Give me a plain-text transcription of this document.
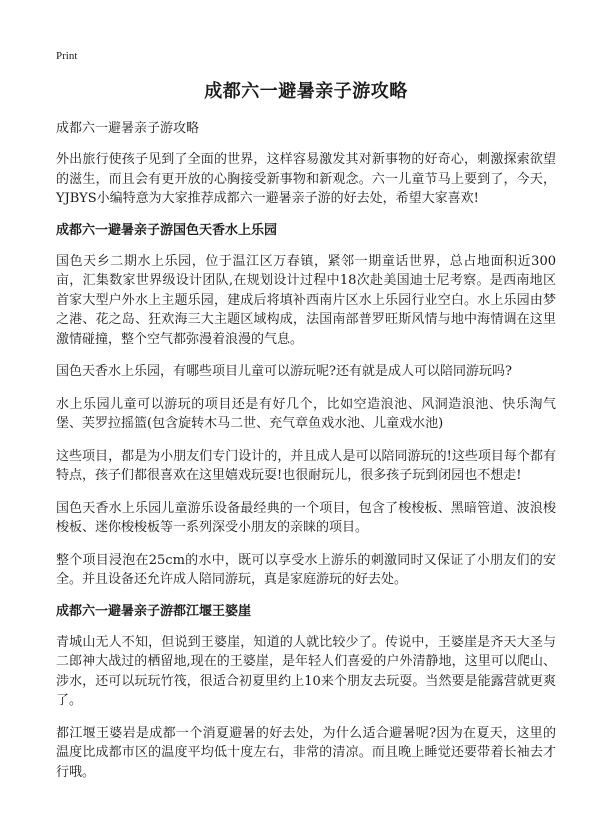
Print
成都六一避暑亲子游攻略
成都六一避暑亲子游攻略

外出旅行使孩子见到了全面的世界，这样容易激发其对新事物的好奇心，刺激探索欲望的滋生，而且会有更开放的心胸接受新事物和新观念。六一儿童节马上要到了，今天，YJBYS小编特意为大家推荐成都六一避暑亲子游的好去处，希望大家喜欢!

成都六一避暑亲子游国色天香水上乐园

国色天乡二期水上乐园，位于温江区万春镇，紧邻一期童话世界，总占地面积近300亩，汇集数家世界级设计团队,在规划设计过程中18次赴美国迪士尼考察。是西南地区首家大型户外水上主题乐园，建成后将填补西南片区水上乐园行业空白。水上乐园由梦之港、花之岛、狂欢海三大主题区域构成，法国南部普罗旺斯风情与地中海情调在这里激情碰撞，整个空气都弥漫着浪漫的气息。

国色天香水上乐园，有哪些项目儿童可以游玩呢?还有就是成人可以陪同游玩吗?

水上乐园儿童可以游玩的项目还是有好几个，比如空造浪池、风洞造浪池、快乐淘气堡、芙罗拉摇篮(包含旋转木马二世、充气章鱼戏水池、儿童戏水池)

这些项目，都是为小朋友们专门设计的，并且成人是可以陪同游玩的!这些项目每个都有特点，孩子们都很喜欢在这里嬉戏玩耍!也很耐玩儿，很多孩子玩到闭园也不想走!

国色天香水上乐园儿童游乐设备最经典的一个项目，包含了梭梭板、黑暗管道、波浪梭梭板、迷你梭梭板等一系列深受小朋友的亲睐的项目。

整个项目浸泡在25cm的水中，既可以享受水上游乐的刺激同时又保证了小朋友们的安全。并且设备还允许成人陪同游玩，真是家庭游玩的好去处。

成都六一避暑亲子游都江堰王婆崖

青城山无人不知，但说到王婆崖，知道的人就比较少了。传说中，王婆崖是齐天大圣与二郎神大战过的栖留地,现在的王婆崖，是年轻人们喜爱的户外清静地，这里可以爬山、涉水，还可以玩玩竹筏，很适合初夏里约上10来个朋友去玩耍。当然要是能露营就更爽了。

都江堰王婆岩是成都一个消夏避暑的好去处，为什么适合避暑呢?因为在夏天，这里的温度比成都市区的温度平均低十度左右，非常的清凉。而且晚上睡觉还要带着长袖去才行哦。
